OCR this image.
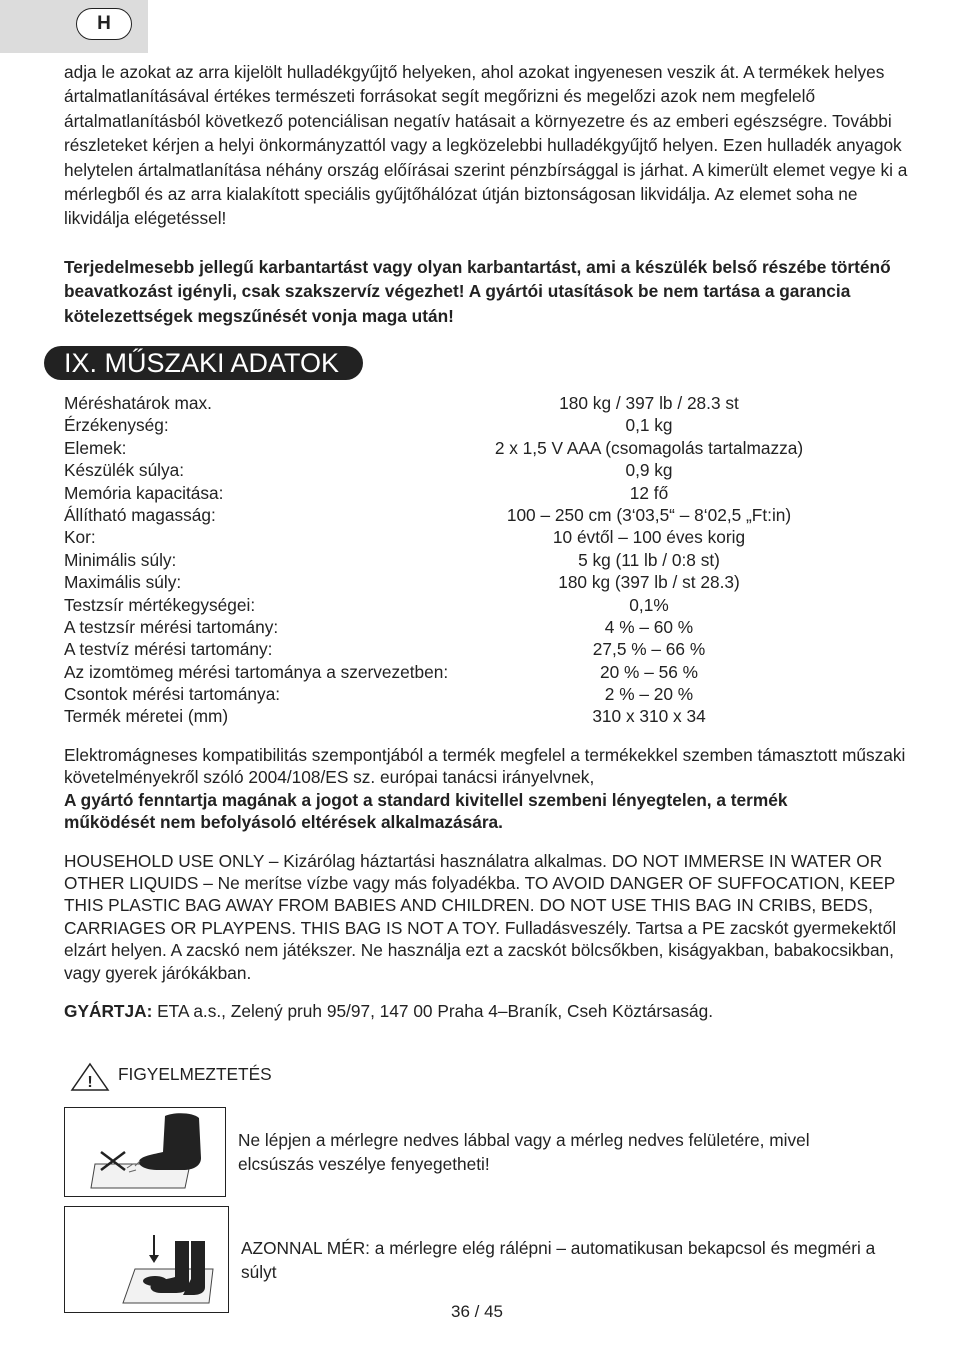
H

adja le azokat az arra kijelölt hulladékgyűjtő helyeken, ahol azokat ingyenesen veszik át. A termékek helyes ártalmatlanításával értékes természeti forrásokat segít megőrizni és megelőzi azok nem megfelelő ártalmatlanításból következő potenciálisan negatív hatásait a környezetre és az emberi egészségre. További részleteket kérjen a helyi önkormányzattól vagy a legközelebbi hulladékgyűjtő helyen. Ezen hulladék anyagok helytelen ártalmatlanítása néhány ország előírásai szerint pénzbírsággal is járhat. A kimerült elemet vegye ki a mérlegből és az arra kialakított speciális gyűjtőhálózat útján biztonságosan likvidálja. Az elemet soha ne likvidálja elégetéssel!

Terjedelmesebb jellegű karbantartást vagy olyan karbantartást, ami a készülék belső részébe történő beavatkozást igényli, csak szakszervíz végezhet! A gyártói utasítások be nem tartása a garancia kötelezettségek megszűnését vonja maga után!

IX. MŰSZAKI ADATOK
Méréshatárok max.	180 kg / 397 lb / 28.3 st
Érzékenység:	0,1 kg
Elemek:	2 x 1,5 V AAA (csomagolás tartalmazza)
Készülék súlya:	0,9 kg
Memória kapacitása:	12 fő
Állítható magasság:	100 – 250 cm (3‘03,5“ – 8‘02,5 „Ft:in)
Kor:	10 évtől – 100 éves korig
Minimális súly:	5 kg (11 lb / 0:8 st)
Maximális súly:	180 kg (397 lb / st 28.3)
Testzsír mértékegységei:	0,1%
A testzsír mérési tartomány:	4 % – 60 %
A testvíz mérési tartomány:	27,5 % – 66 %
Az izomtömeg mérési tartománya a szervezetben:	20 % – 56 %
Csontok mérési tartománya:	2 % – 20 %
Termék méretei (mm)	310 x 310 x 34

Elektromágneses kompatibilitás szempontjából a termék megfelel a termékekkel szemben támasztott műszaki követelményekről szóló 2004/108/ES sz. európai tanácsi irányelvnek,

A gyártó fenntartja magának a jogot a standard kivitellel szembeni lényegtelen, a termék működését nem befolyásoló eltérések alkalmazására.

HOUSEHOLD USE ONLY – Kizárólag háztartási használatra alkalmas. DO NOT IMMERSE IN WATER OR OTHER LIQUIDS – Ne merítse vízbe vagy más folyadékba. TO AVOID DANGER OF SUFFOCATION, KEEP THIS PLASTIC BAG AWAY FROM BABIES AND CHILDREN. DO NOT USE THIS BAG IN CRIBS, BEDS, CARRIAGES OR PLAYPENS. THIS BAG IS NOT A TOY. Fulladásveszély. Tartsa a PE zacskót gyermekektől elzárt helyen. A zacskó nem játékszer. Ne használja ezt a zacskót bölcsőkben, kiságyakban, babakocsikban, vagy gyerek járókákban.

GYÁRTJA: ETA a.s., Zelený pruh 95/97, 147 00 Praha 4–Braník, Cseh Köztársaság.

! FIGYELMEZTETÉS
Ne lépjen a mérlegre nedves lábbal vagy a mérleg nedves felületére, mivel elcsúszás veszélye fenyegetheti!
AZONNAL MÉR: a mérlegre elég rálépni – automatikusan bekapcsol és megméri a súlyt
36 / 45
